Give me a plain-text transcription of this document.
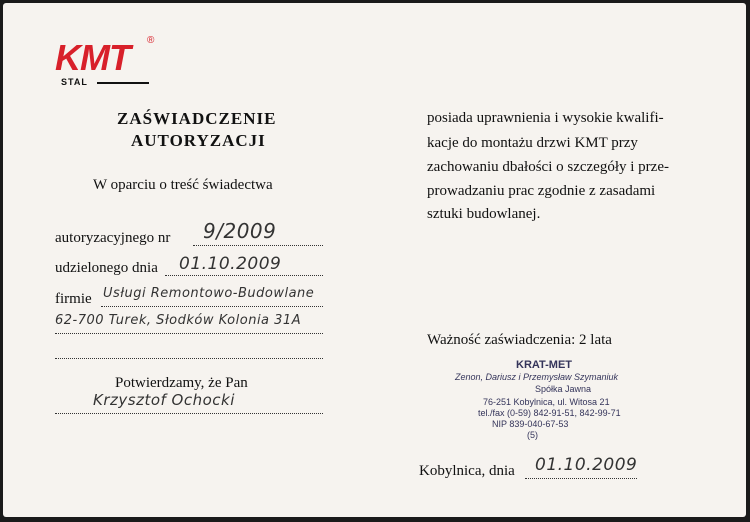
KMT ®
STAL
ZAŚWIADCZENIE
AUTORYZACJI
W oparciu o treść świadectwa
autoryzacyjnego nr 9/2009
udzielonego dnia 01.10.2009
firmie Usługi Remontowo-Budowlane
62-700 Turek, Słodków Kolonia 31A
Potwierdzamy, że Pan
Krzysztof Ochocki
posiada uprawnienia i wysokie kwalifi-
kacje do montażu drzwi KMT przy
zachowaniu dbałości o szczegóły i prze-
prowadzaniu prac zgodnie z zasadami
sztuki budowlanej.
Ważność zaświadczenia: 2 lata
KRAT-MET
Zenon, Dariusz i Przemysław Szymaniuk
Spółka Jawna
76-251 Kobylnica, ul. Witosa 21
tel./fax (0-59) 842-91-51, 842-99-71
NIP 839-040-67-53
(5)
Kobylnica, dnia 01.10.2009
